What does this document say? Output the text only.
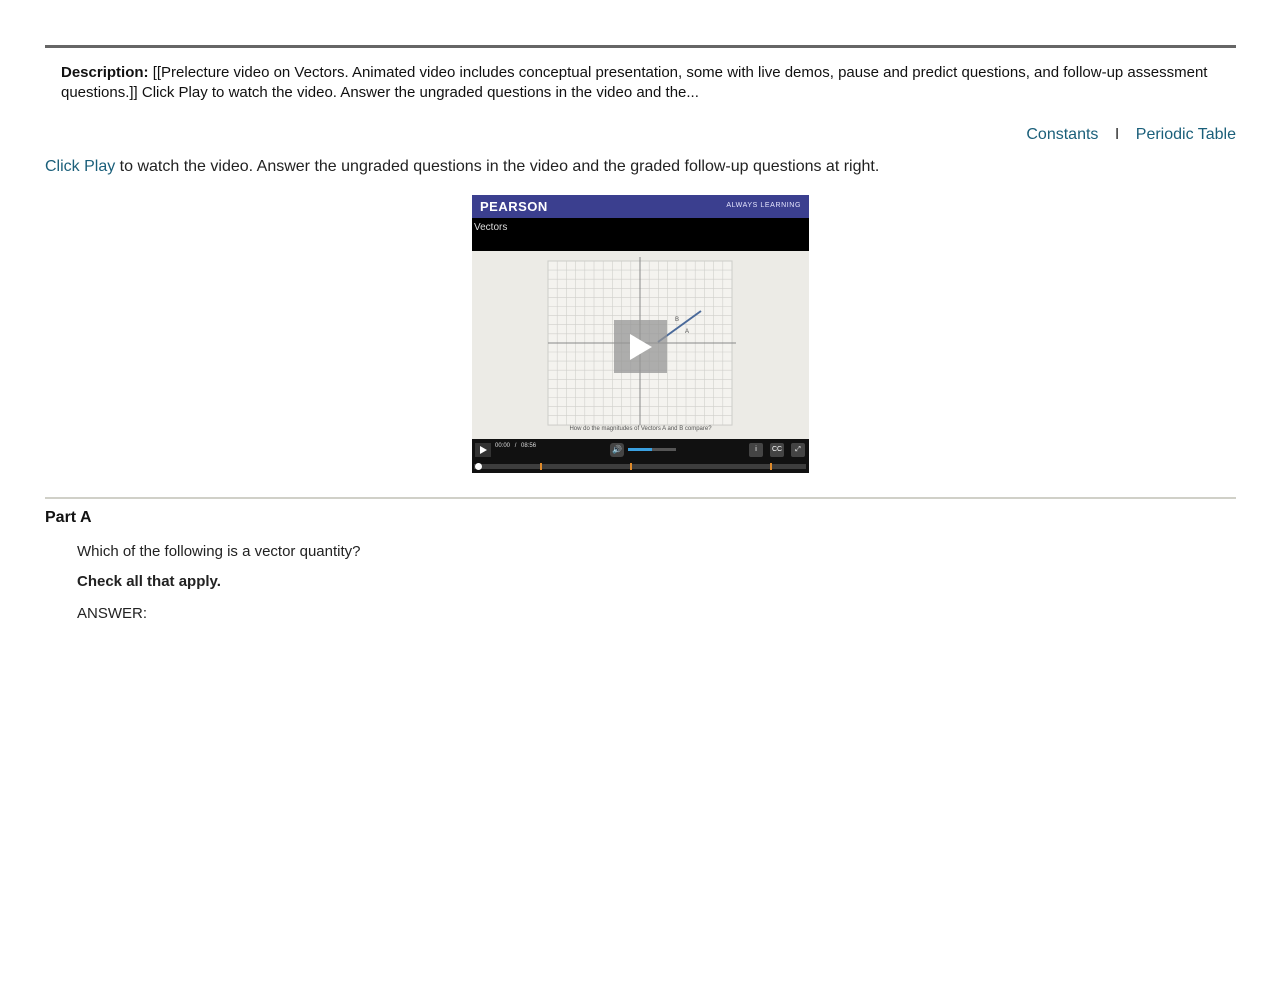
Description: [[Prelecture video on Vectors. Animated video includes conceptual presentation, some with live demos, pause and predict questions, and follow-up assessment questions.]] Click Play to watch the video. Answer the ungraded questions in the video and the...
Constants I Periodic Table
Click Play to watch the video. Answer the ungraded questions in the video and the graded follow-up questions at right.
PEARSON	ALWAYS LEARNING
Vectors
B
A
How do the magnitudes of Vectors A and B compare?
00:00 / 08:56	🔊	i	CC	⤢
Part A
Which of the following is a vector quantity?
Check all that apply.
ANSWER:
